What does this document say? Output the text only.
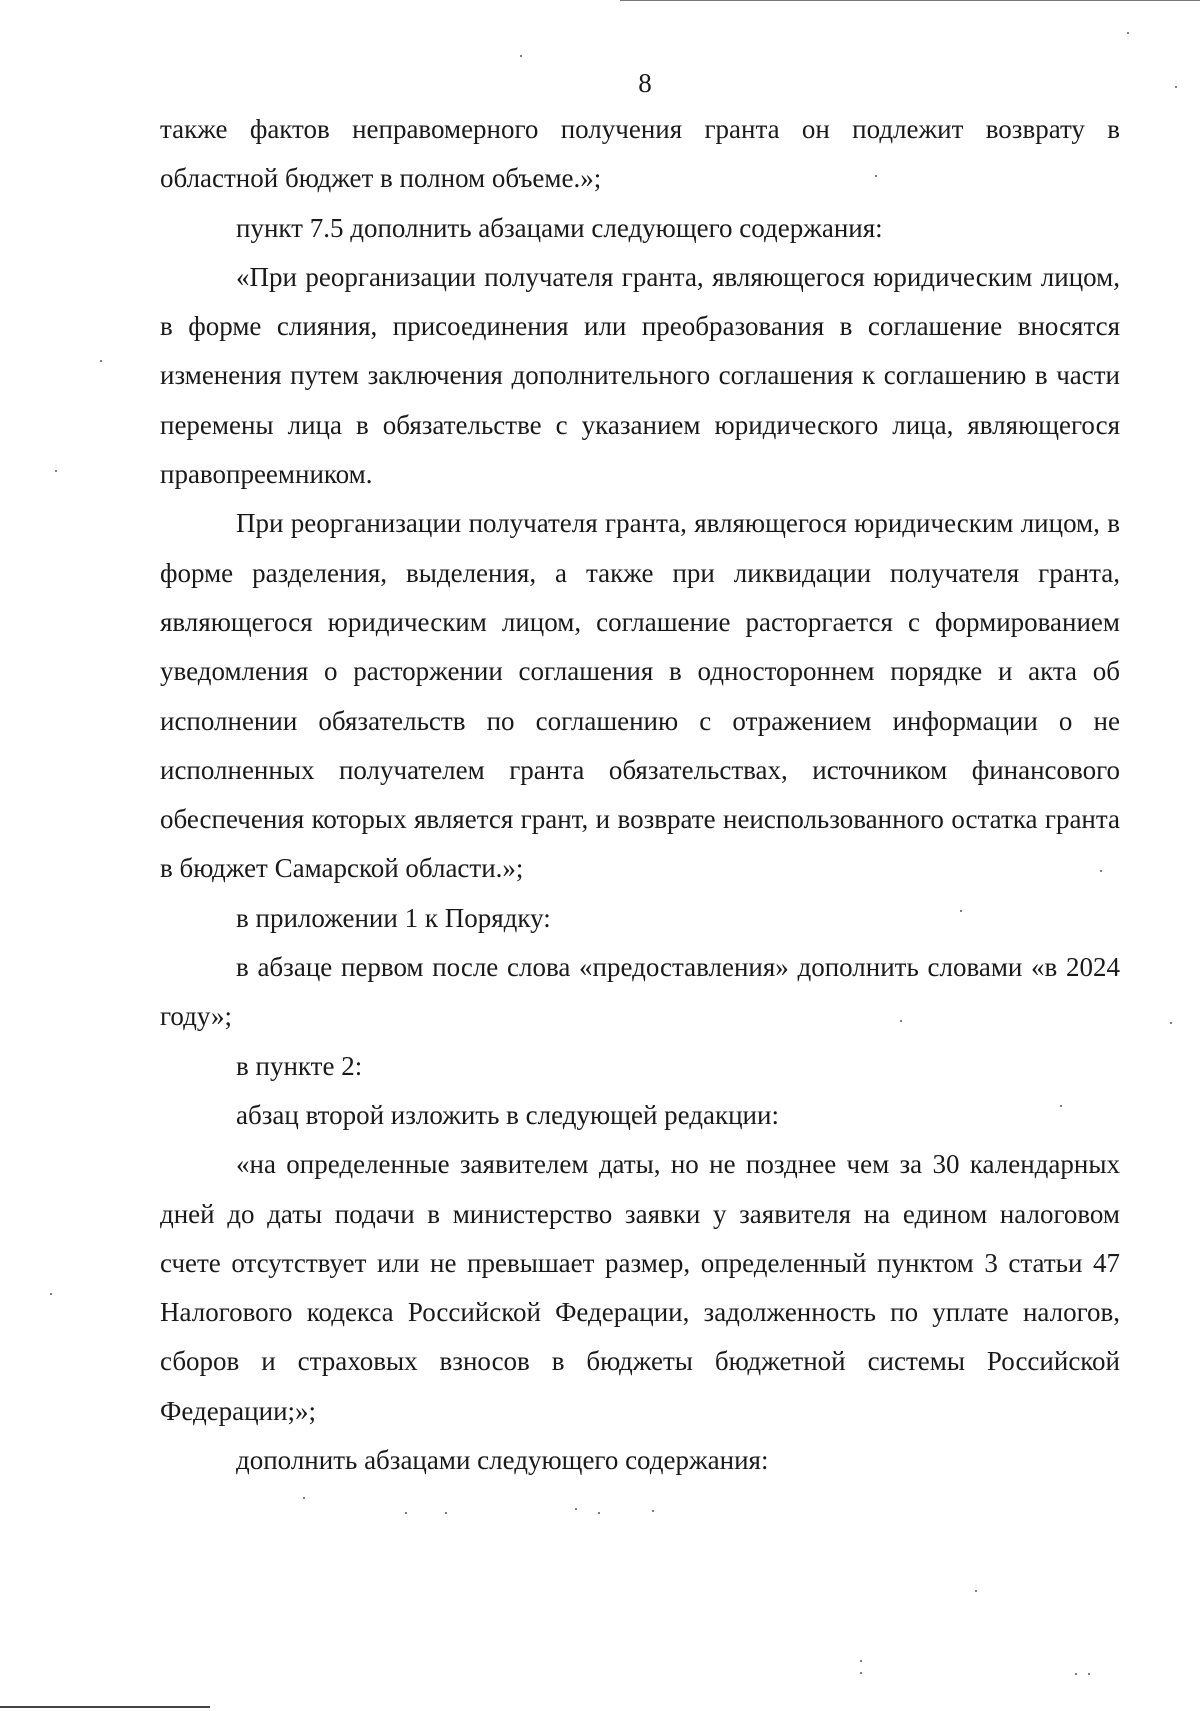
8

также фактов неправомерного получения гранта он подлежит возврату в областной бюджет в полном объеме.»;

пункт 7.5 дополнить абзацами следующего содержания:

«При реорганизации получателя гранта, являющегося юридическим лицом, в форме слияния, присоединения или преобразования в соглашение вносятся изменения путем заключения дополнительного соглашения к соглашению в части перемены лица в обязательстве с указанием юридического лица, являющегося правопреемником.

При реорганизации получателя гранта, являющегося юридическим лицом, в форме разделения, выделения, а также при ликвидации получателя гранта, являющегося юридическим лицом, соглашение расторгается с формированием уведомления о расторжении соглашения в одностороннем порядке и акта об исполнении обязательств по соглашению с отражением информации о не исполненных получателем гранта обязательствах, источником финансового обеспечения которых является грант, и возврате неиспользованного остатка гранта в бюджет Самарской области.»;

в приложении 1 к Порядку:

в абзаце первом после слова «предоставления» дополнить словами «в 2024 году»;

в пункте 2:

абзац второй изложить в следующей редакции:

«на определенные заявителем даты, но не позднее чем за 30 календарных дней до даты подачи в министерство заявки у заявителя на едином налоговом счете отсутствует или не превышает размер, определенный пунктом 3 статьи 47 Налогового кодекса Российской Федерации, задолженность по уплате налогов, сборов и страховых взносов в бюджеты бюджетной системы Российской Федерации;»;

дополнить абзацами следующего содержания:
